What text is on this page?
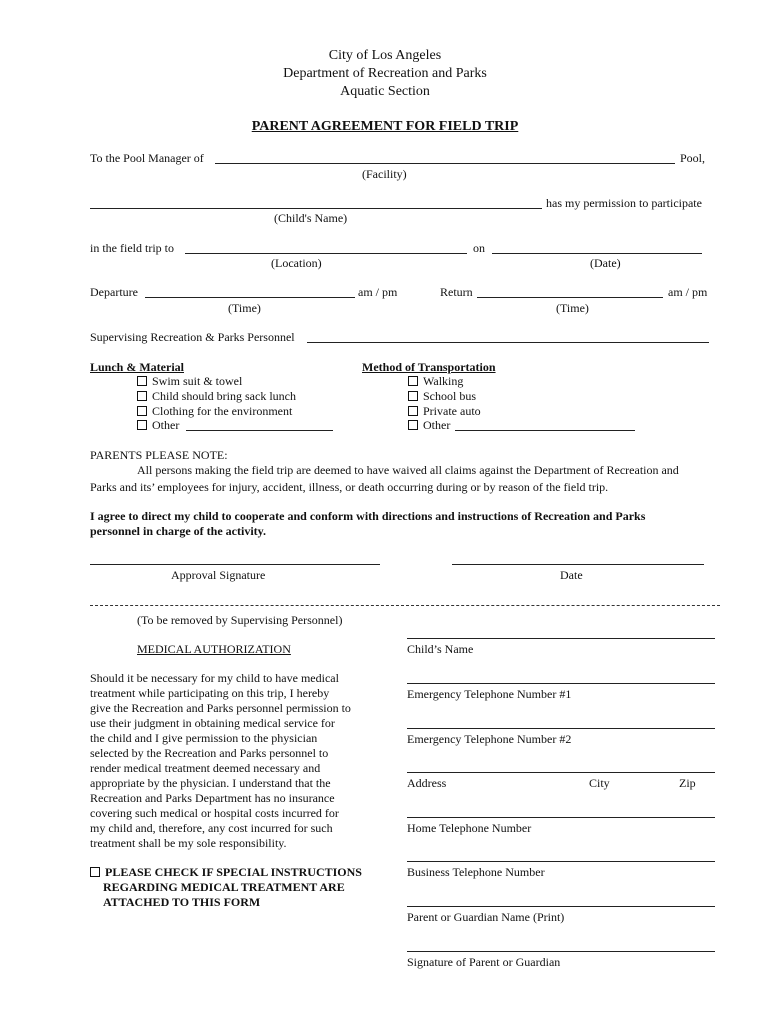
City of Los Angeles
Department of Recreation and Parks
Aquatic Section
PARENT AGREEMENT FOR FIELD TRIP
To the Pool Manager of	Pool,
(Facility)
has my permission to participate
(Child's Name)
in the field trip to	on
(Location)	(Date)
Departure	am / pm	Return	am / pm
(Time)	(Time)
Supervising Recreation & Parks Personnel
Lunch & Material
Swim suit & towel
Child should bring sack lunch
Clothing for the environment
Other
Method of Transportation
Walking
School bus
Private auto
Other
PARENTS PLEASE NOTE:
All persons making the field trip are deemed to have waived all claims against the Department of Recreation and
Parks and its’ employees for injury, accident, illness, or death occurring during or by reason of the field trip.
I agree to direct my child to cooperate and conform with directions and instructions of Recreation and Parks
personnel in charge of the activity.
Approval Signature	Date
(To be removed by Supervising Personnel)
MEDICAL AUTHORIZATION
Should it be necessary for my child to have medical treatment while participating on this trip, I hereby give the Recreation and Parks personnel permission to use their judgment in obtaining medical service for the child and I give permission to the physician selected by the Recreation and Parks personnel to render medical treatment deemed necessary and appropriate by the physician. I understand that the Recreation and Parks Department has no insurance covering such medical or hospital costs incurred for my child and, therefore, any cost incurred for such treatment shall be my sole responsibility.
PLEASE CHECK IF SPECIAL INSTRUCTIONS
REGARDING MEDICAL TREATMENT ARE
ATTACHED TO THIS FORM
Child’s Name
Emergency Telephone Number #1
Emergency Telephone Number #2
Address	City	Zip
Home Telephone Number
Business Telephone Number
Parent or Guardian Name (Print)
Signature of Parent or Guardian
